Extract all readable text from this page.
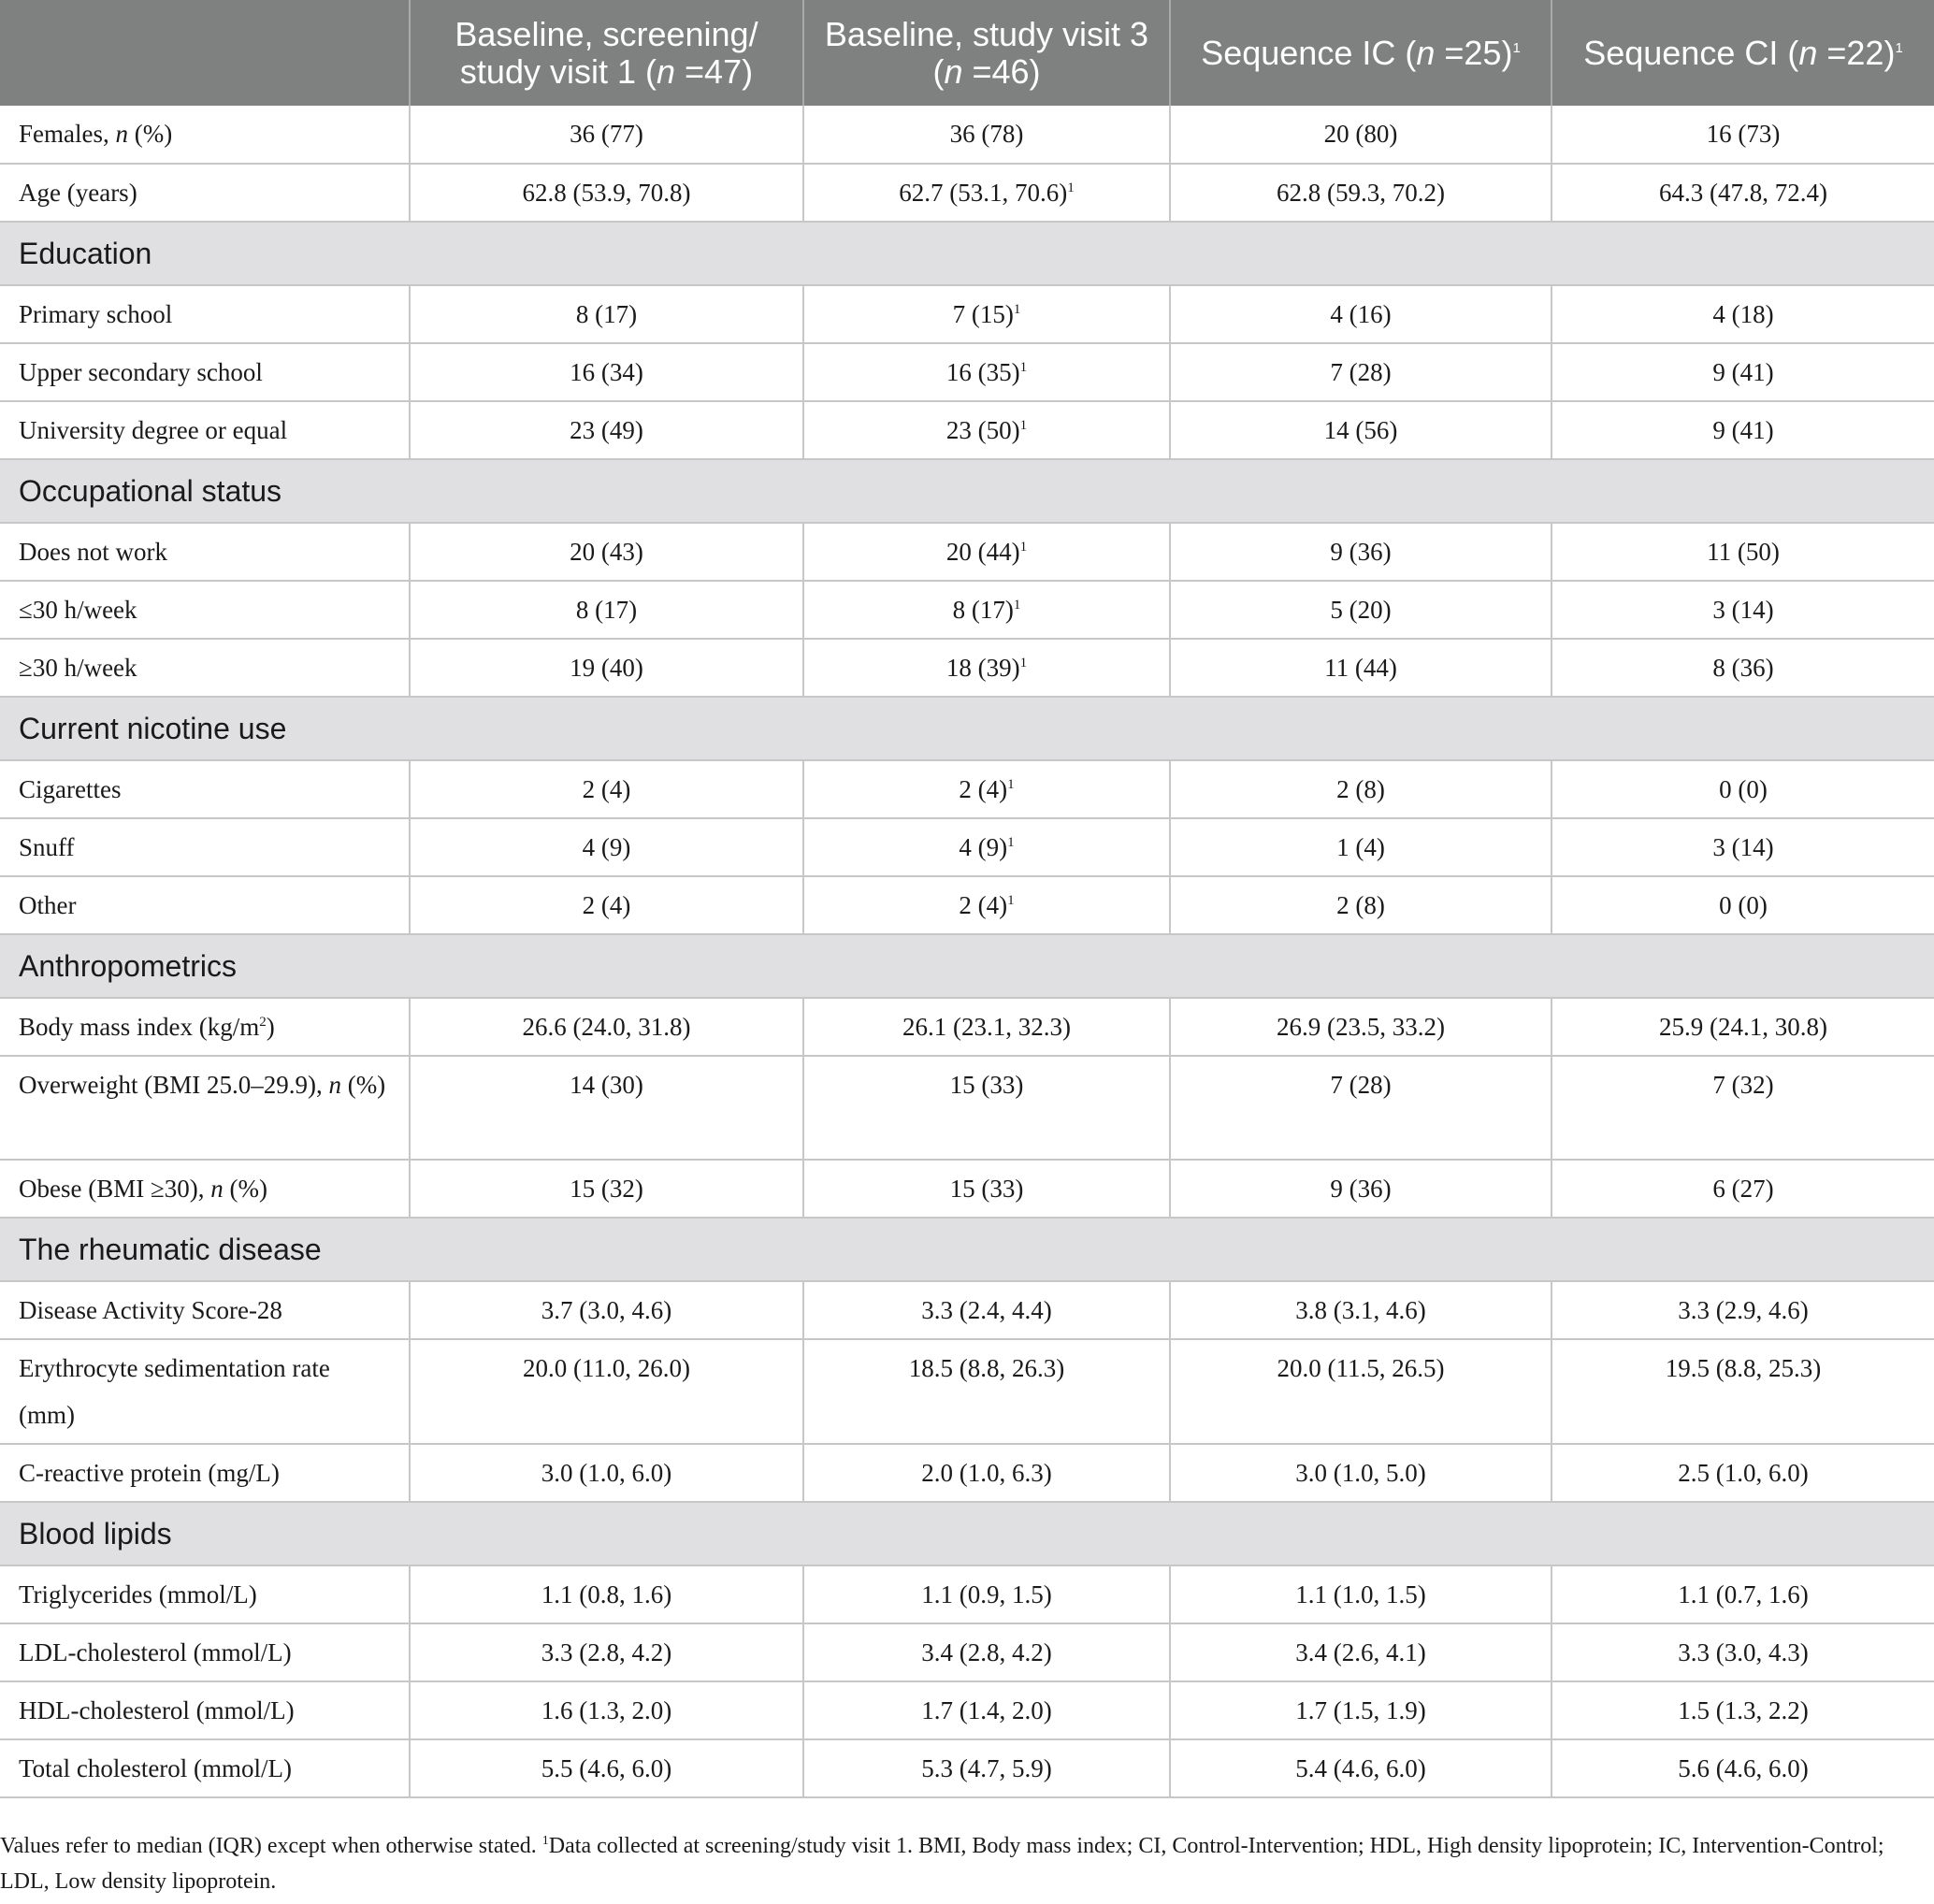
	Baseline, screening/ study visit 1 (n =47)	Baseline, study visit 3 (n =46)	Sequence IC (n =25)$^1$	Sequence CI (n =22)$^1$
Females, n (%)	36 (77)	36 (78)	20 (80)	16 (73)
Age (years)	62.8 (53.9, 70.8)	62.7 (53.1, 70.6)$^1$	62.8 (59.3, 70.2)	64.3 (47.8, 72.4)
Education				
Primary school	8 (17)	7 (15)$^1$	4 (16)	4 (18)
Upper secondary school	16 (34)	16 (35)$^1$	7 (28)	9 (41)
University degree or equal	23 (49)	23 (50)$^1$	14 (56)	9 (41)
Occupational status				
Does not work	20 (43)	20 (44)$^1$	9 (36)	11 (50)
≤30 h/week	8 (17)	8 (17)$^1$	5 (20)	3 (14)
≥30 h/week	19 (40)	18 (39)$^1$	11 (44)	8 (36)
Current nicotine use				
Cigarettes	2 (4)	2 (4)$^1$	2 (8)	0 (0)
Snuff	4 (9)	4 (9)$^1$	1 (4)	3 (14)
Other	2 (4)	2 (4)$^1$	2 (8)	0 (0)
Anthropometrics				
Body mass index (kg/m$^2$)	26.6 (24.0, 31.8)	26.1 (23.1, 32.3)	26.9 (23.5, 33.2)	25.9 (24.1, 30.8)
Overweight (BMI 25.0–29.9), n (%)	14 (30)	15 (33)	7 (28)	7 (32)
Obese (BMI ≥30), n (%)	15 (32)	15 (33)	9 (36)	6 (27)
The rheumatic disease				
Disease Activity Score-28	3.7 (3.0, 4.6)	3.3 (2.4, 4.4)	3.8 (3.1, 4.6)	3.3 (2.9, 4.6)
Erythrocyte sedimentation rate (mm)	20.0 (11.0, 26.0)	18.5 (8.8, 26.3)	20.0 (11.5, 26.5)	19.5 (8.8, 25.3)
C-reactive protein (mg/L)	3.0 (1.0, 6.0)	2.0 (1.0, 6.3)	3.0 (1.0, 5.0)	2.5 (1.0, 6.0)
Blood lipids				
Triglycerides (mmol/L)	1.1 (0.8, 1.6)	1.1 (0.9, 1.5)	1.1 (1.0, 1.5)	1.1 (0.7, 1.6)
LDL-cholesterol (mmol/L)	3.3 (2.8, 4.2)	3.4 (2.8, 4.2)	3.4 (2.6, 4.1)	3.3 (3.0, 4.3)
HDL-cholesterol (mmol/L)	1.6 (1.3, 2.0)	1.7 (1.4, 2.0)	1.7 (1.5, 1.9)	1.5 (1.3, 2.2)
Total cholesterol (mmol/L)	5.5 (4.6, 6.0)	5.3 (4.7, 5.9)	5.4 (4.6, 6.0)	5.6 (4.6, 6.0)
Values refer to median (IQR) except when otherwise stated. $^1$Data collected at screening/study visit 1. BMI, Body mass index; CI, Control-Intervention; HDL, High density lipoprotein; IC, Intervention-Control; LDL, Low density lipoprotein.
